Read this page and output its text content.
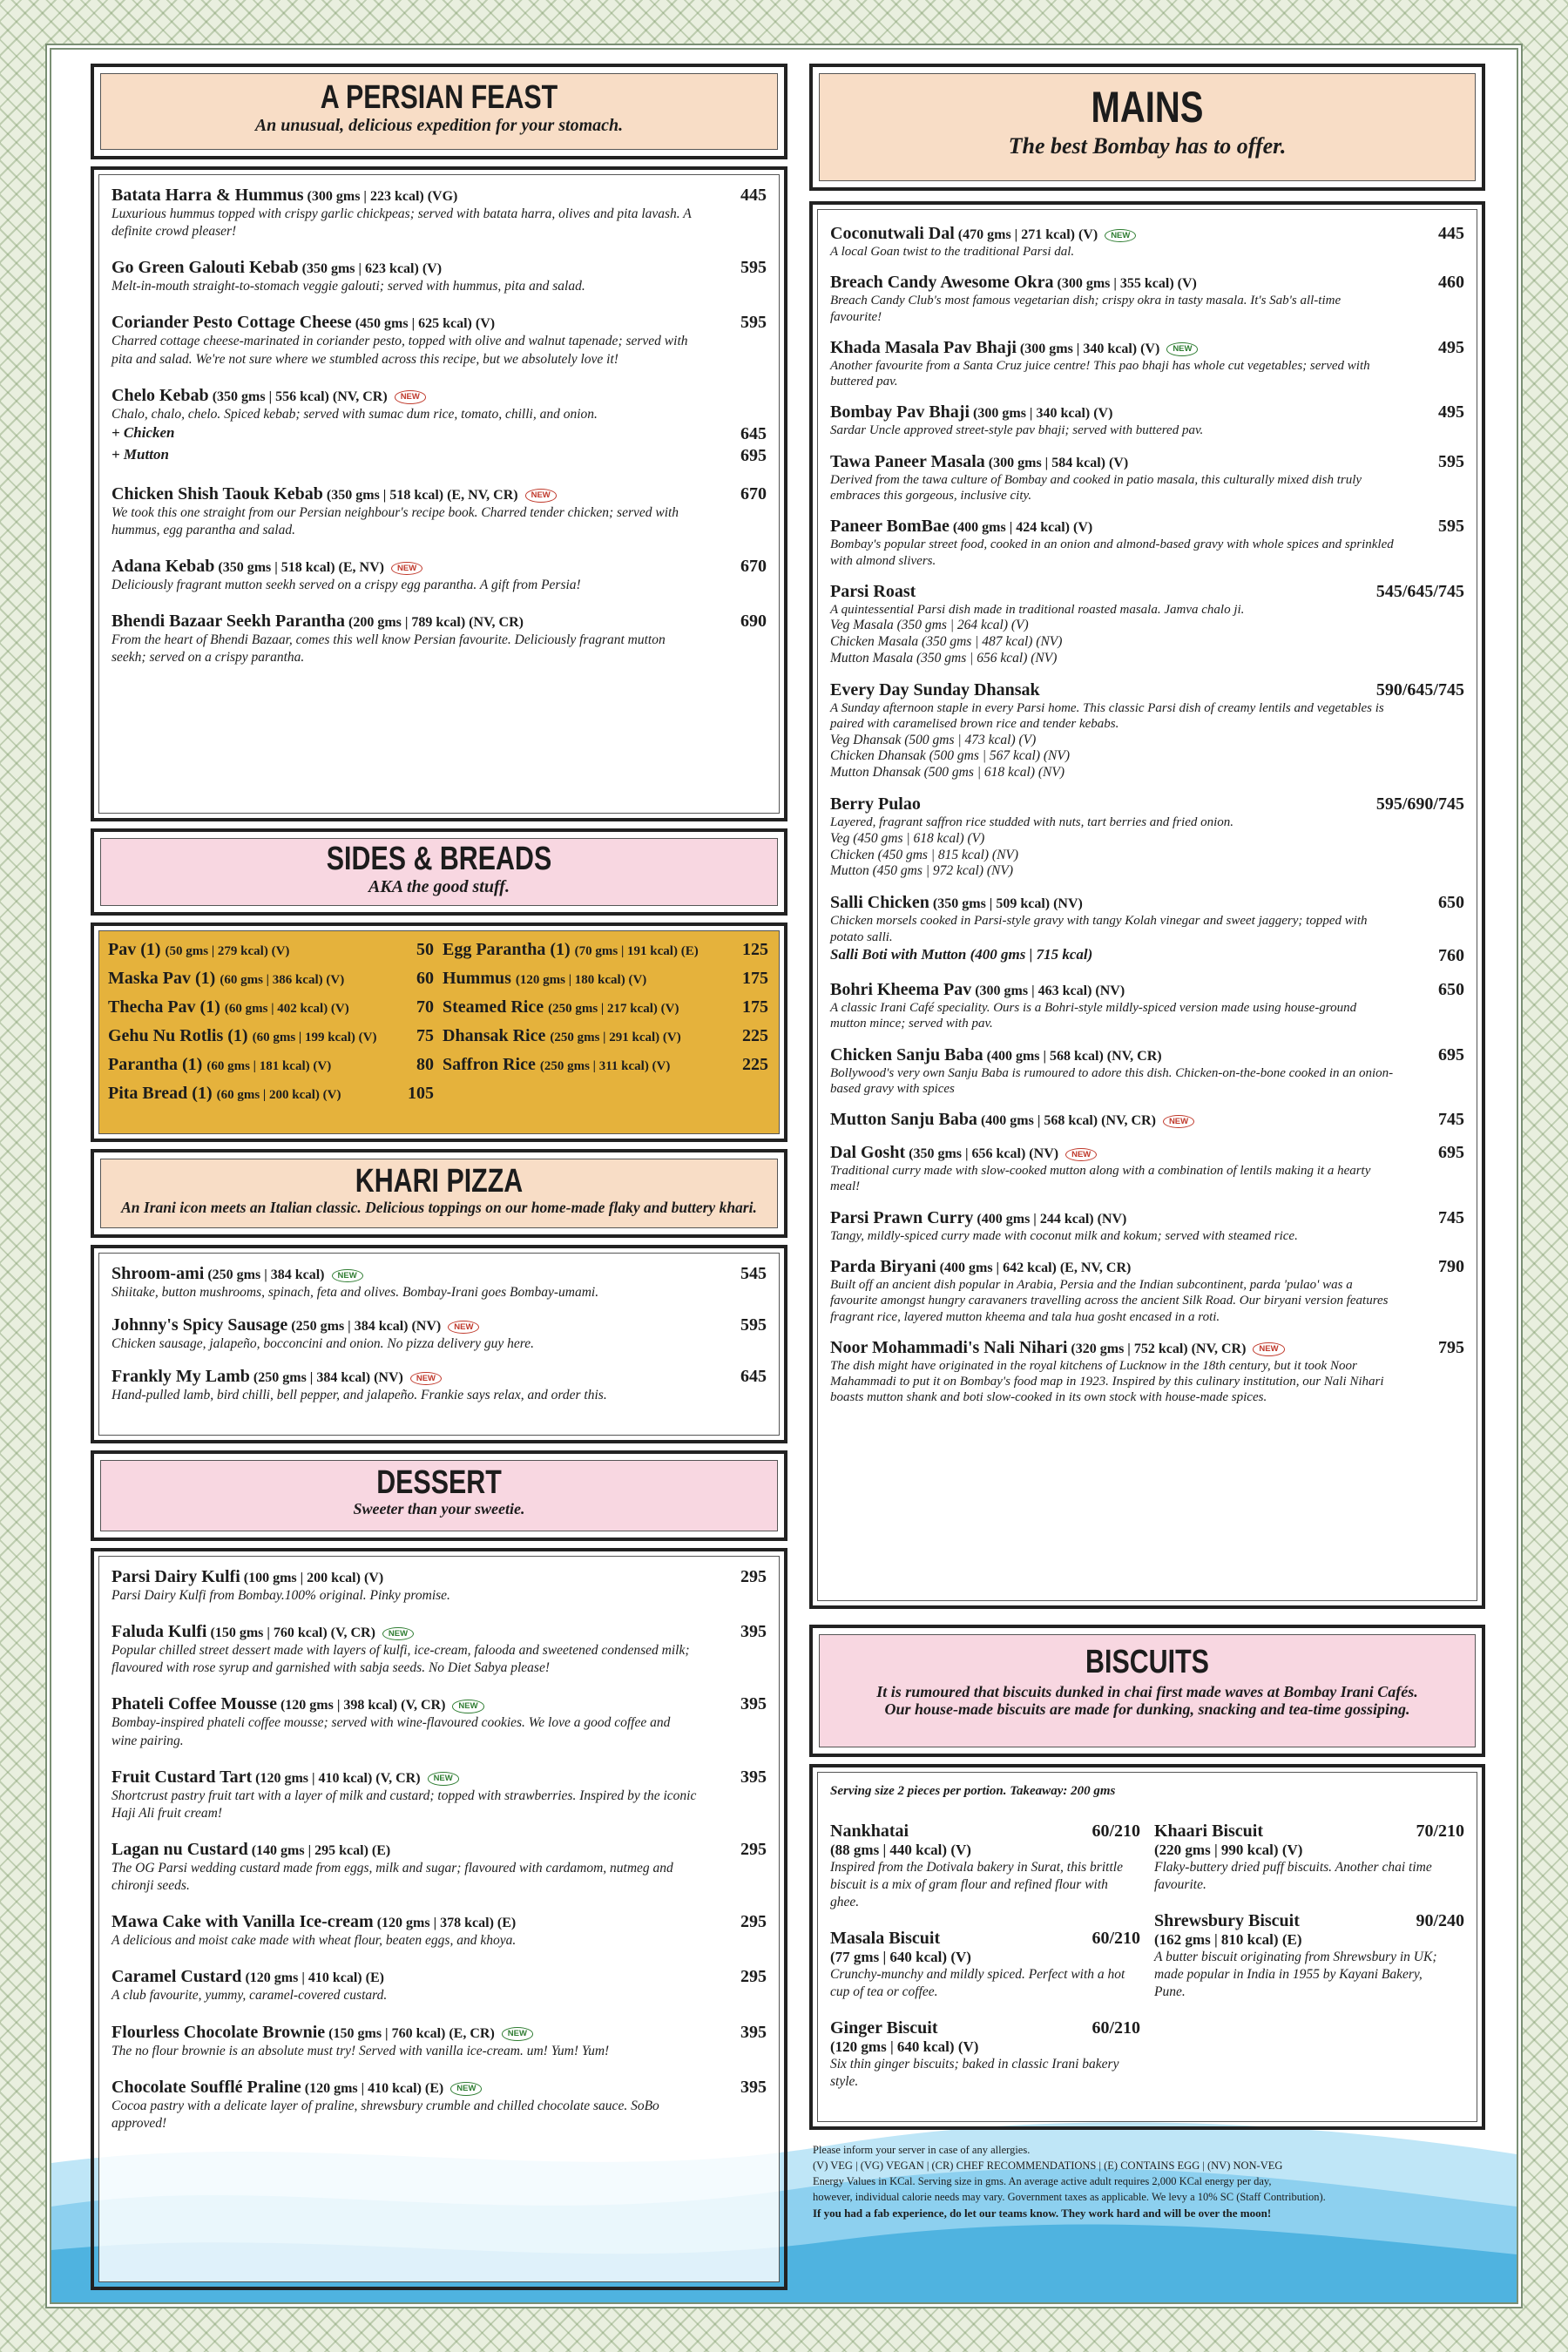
A PERSIAN FEAST
An unusual, delicious expedition for your stomach.
Batata Harra & Hummus (300 gms | 223 kcal) (VG)	445
Luxurious hummus topped with crispy garlic chickpeas; served with batata harra, olives and pita lavash. A definite crowd pleaser!
Go Green Galouti Kebab (350 gms | 623 kcal) (V)	595
Melt-in-mouth straight-to-stomach veggie galouti; served with hummus, pita and salad.
Coriander Pesto Cottage Cheese (450 gms | 625 kcal) (V)	595
Charred cottage cheese-marinated in coriander pesto, topped with olive and walnut tapenade; served with pita and salad. We're not sure where we stumbled across this recipe, but we absolutely love it!
Chelo Kebab (350 gms | 556 kcal) (NV, CR) NEW
Chalo, chalo, chelo. Spiced kebab; served with sumac dum rice, tomato, chilli, and onion.
+ Chicken	645
+ Mutton	695
Chicken Shish Taouk Kebab (350 gms | 518 kcal) (E, NV, CR) NEW	670
We took this one straight from our Persian neighbour's recipe book. Charred tender chicken; served with hummus, egg parantha and salad.
Adana Kebab (350 gms | 518 kcal) (E, NV) NEW	670
Deliciously fragrant mutton seekh served on a crispy egg parantha. A gift from Persia!
Bhendi Bazaar Seekh Parantha (200 gms | 789 kcal) (NV, CR)	690
From the heart of Bhendi Bazaar, comes this well know Persian favourite. Deliciously fragrant mutton seekh; served on a crispy parantha.
SIDES & BREADS
AKA the good stuff.
Pav (1) (50 gms | 279 kcal) (V)	50
Maska Pav (1) (60 gms | 386 kcal) (V)	60
Thecha Pav (1) (60 gms | 402 kcal) (V)	70
Gehu Nu Rotlis (1) (60 gms | 199 kcal) (V) 75
Parantha (1) (60 gms | 181 kcal) (V)	80
Pita Bread (1) (60 gms | 200 kcal) (V)	105
Egg Parantha (1) (70 gms | 191 kcal) (E)	125
Hummus (120 gms | 180 kcal) (V)	175
Steamed Rice (250 gms | 217 kcal) (V)	175
Dhansak Rice (250 gms | 291 kcal) (V)	225
Saffron Rice (250 gms | 311 kcal) (V)	225
KHARI PIZZA
An Irani icon meets an Italian classic. Delicious toppings on our home-made flaky and buttery khari.
Shroom-ami (250 gms | 384 kcal) NEW	545
Shiitake, button mushrooms, spinach, feta and olives. Bombay-Irani goes Bombay-umami.
Johnny's Spicy Sausage (250 gms | 384 kcal) (NV) NEW	595
Chicken sausage, jalapeño, bocconcini and onion. No pizza delivery guy here.
Frankly My Lamb (250 gms | 384 kcal) (NV) NEW	645
Hand-pulled lamb, bird chilli, bell pepper, and jalapeño. Frankie says relax, and order this.
DESSERT
Sweeter than your sweetie.
Parsi Dairy Kulfi (100 gms | 200 kcal) (V)	295
Parsi Dairy Kulfi from Bombay.100% original. Pinky promise.
Faluda Kulfi (150 gms | 760 kcal) (V, CR) NEW	395
Popular chilled street dessert made with layers of kulfi, ice-cream, falooda and sweetened condensed milk; flavoured with rose syrup and garnished with sabja seeds. No Diet Sabya please!
Phateli Coffee Mousse (120 gms | 398 kcal) (V, CR) NEW	395
Bombay-inspired phateli coffee mousse; served with wine-flavoured cookies. We love a good coffee and wine pairing.
Fruit Custard Tart (120 gms | 410 kcal) (V, CR) NEW	395
Shortcrust pastry fruit tart with a layer of milk and custard; topped with strawberries. Inspired by the iconic Haji Ali fruit cream!
Lagan nu Custard (140 gms | 295 kcal) (E)	295
The OG Parsi wedding custard made from eggs, milk and sugar; flavoured with cardamom, nutmeg and chironji seeds.
Mawa Cake with Vanilla Ice-cream (120 gms | 378 kcal) (E)	295
A delicious and moist cake made with wheat flour, beaten eggs, and khoya.
Caramel Custard (120 gms | 410 kcal) (E)	295
A club favourite, yummy, caramel-covered custard.
Flourless Chocolate Brownie (150 gms | 760 kcal) (E, CR) NEW	395
The no flour brownie is an absolute must try! Served with vanilla ice-cream. um! Yum! Yum!
Chocolate Soufflé Praline (120 gms | 410 kcal) (E) NEW	395
Cocoa pastry with a delicate layer of praline, shrewsbury crumble and chilled chocolate sauce. SoBo approved!
MAINS
The best Bombay has to offer.
Coconutwali Dal (470 gms | 271 kcal) (V) NEW	445
A local Goan twist to the traditional Parsi dal.
Breach Candy Awesome Okra (300 gms | 355 kcal) (V)	460
Breach Candy Club's most famous vegetarian dish; crispy okra in tasty masala. It's Sab's all-time favourite!
Khada Masala Pav Bhaji (300 gms | 340 kcal) (V) NEW	495
Another favourite from a Santa Cruz juice centre! This pao bhaji has whole cut vegetables; served with buttered pav.
Bombay Pav Bhaji (300 gms | 340 kcal) (V)	495
Sardar Uncle approved street-style pav bhaji; served with buttered pav.
Tawa Paneer Masala (300 gms | 584 kcal) (V)	595
Derived from the tawa culture of Bombay and cooked in patio masala, this culturally mixed dish truly embraces this gorgeous, inclusive city.
Paneer BomBae (400 gms | 424 kcal) (V)	595
Bombay's popular street food, cooked in an onion and almond-based gravy with whole spices and sprinkled with almond slivers.
Parsi Roast	545/645/745
A quintessential Parsi dish made in traditional roasted masala. Jamva chalo ji.
Veg Masala (350 gms | 264 kcal) (V)
Chicken Masala (350 gms | 487 kcal) (NV)
Mutton Masala (350 gms | 656 kcal) (NV)
Every Day Sunday Dhansak	590/645/745
A Sunday afternoon staple in every Parsi home. This classic Parsi dish of creamy lentils and vegetables is paired with caramelised brown rice and tender kebabs.
Veg Dhansak (500 gms | 473 kcal) (V)
Chicken Dhansak (500 gms | 567 kcal) (NV)
Mutton Dhansak (500 gms | 618 kcal) (NV)
Berry Pulao	595/690/745
Layered, fragrant saffron rice studded with nuts, tart berries and fried onion.
Veg (450 gms | 618 kcal) (V)
Chicken (450 gms | 815 kcal) (NV)
Mutton (450 gms | 972 kcal) (NV)
Salli Chicken (350 gms | 509 kcal) (NV)	650
Chicken morsels cooked in Parsi-style gravy with tangy Kolah vinegar and sweet jaggery; topped with potato salli.
Salli Boti with Mutton (400 gms | 715 kcal)	760
Bohri Kheema Pav (300 gms | 463 kcal) (NV)	650
A classic Irani Café speciality. Ours is a Bohri-style mildly-spiced version made using house-ground mutton mince; served with pav.
Chicken Sanju Baba (400 gms | 568 kcal) (NV, CR)	695
Bollywood's very own Sanju Baba is rumoured to adore this dish. Chicken-on-the-bone cooked in an onion-based gravy with spices
Mutton Sanju Baba (400 gms | 568 kcal) (NV, CR) NEW	745
Dal Gosht (350 gms | 656 kcal) (NV) NEW	695
Traditional curry made with slow-cooked mutton along with a combination of lentils making it a hearty meal!
Parsi Prawn Curry (400 gms | 244 kcal) (NV)	745
Tangy, mildly-spiced curry made with coconut milk and kokum; served with steamed rice.
Parda Biryani (400 gms | 642 kcal) (E, NV, CR)	790
Built off an ancient dish popular in Arabia, Persia and the Indian subcontinent, parda 'pulao' was a favourite amongst hungry caravaners travelling across the ancient Silk Road. Our biryani version features fragrant rice, layered mutton kheema and tala hua gosht encased in a roti.
Noor Mohammadi's Nali Nihari (320 gms | 752 kcal) (NV, CR) NEW	795
The dish might have originated in the royal kitchens of Lucknow in the 18th century, but it took Noor Mahammadi to put it on Bombay's food map in 1923. Inspired by this culinary institution, our Nali Nihari boasts mutton shank and boti slow-cooked in its own stock with house-made spices.
BISCUITS
It is rumoured that biscuits dunked in chai first made waves at Bombay Irani Cafés.
Our house-made biscuits are made for dunking, snacking and tea-time gossiping.
Serving size 2 pieces per portion. Takeaway: 200 gms
Nankhatai	60/210
(88 gms | 440 kcal) (V)
Inspired from the Dotivala bakery in Surat, this brittle biscuit is a mix of gram flour and refined flour with ghee.
Masala Biscuit	60/210
(77 gms | 640 kcal) (V)
Crunchy-munchy and mildly spiced. Perfect with a hot cup of tea or coffee.
Ginger Biscuit	60/210
(120 gms | 640 kcal) (V)
Six thin ginger biscuits; baked in classic Irani bakery style.
Khaari Biscuit	70/210
(220 gms | 990 kcal) (V)
Flaky-buttery dried puff biscuits. Another chai time favourite.
Shrewsbury Biscuit	90/240
(162 gms | 810 kcal) (E)
A butter biscuit originating from Shrewsbury in UK; made popular in India in 1955 by Kayani Bakery, Pune.
Please inform your server in case of any allergies.
(V) VEG | (VG) VEGAN | (CR) CHEF RECOMMENDATIONS | (E) CONTAINS EGG | (NV) NON-VEG
Energy Values in KCal. Serving size in gms. An average active adult requires 2,000 KCal energy per day,
however, individual calorie needs may vary. Government taxes as applicable. We levy a 10% SC (Staff Contribution).
If you had a fab experience, do let our teams know. They work hard and will be over the moon!
